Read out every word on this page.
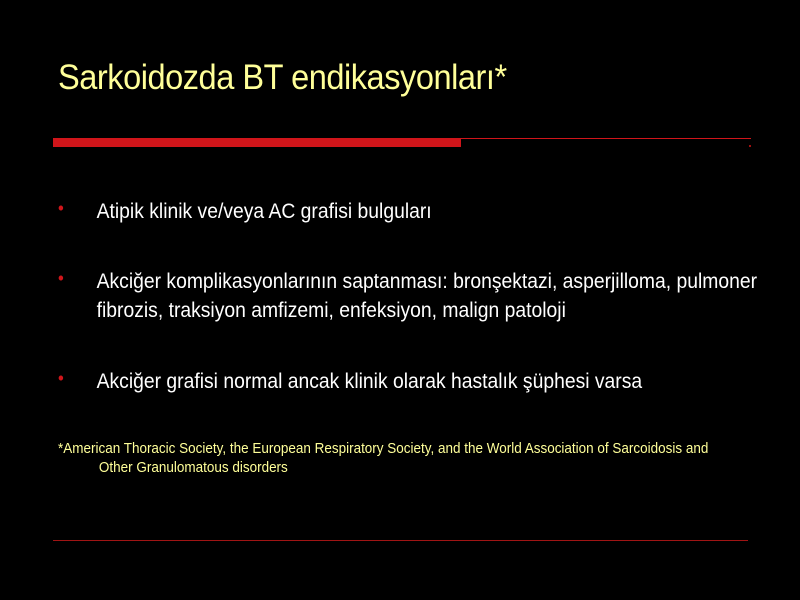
Sarkoidozda BT endikasyonları*
• Atipik klinik ve/veya AC grafisi bulguları
• Akciğer komplikasyonlarının saptanması: bronşektazi, asperjilloma, pulmoner fibrozis, traksiyon amfizemi, enfeksiyon, malign patoloji
• Akciğer grafisi normal ancak klinik olarak hastalık şüphesi varsa
*American Thoracic Society, the European Respiratory Society, and the World Association of Sarcoidosis and
Other Granulomatous disorders
